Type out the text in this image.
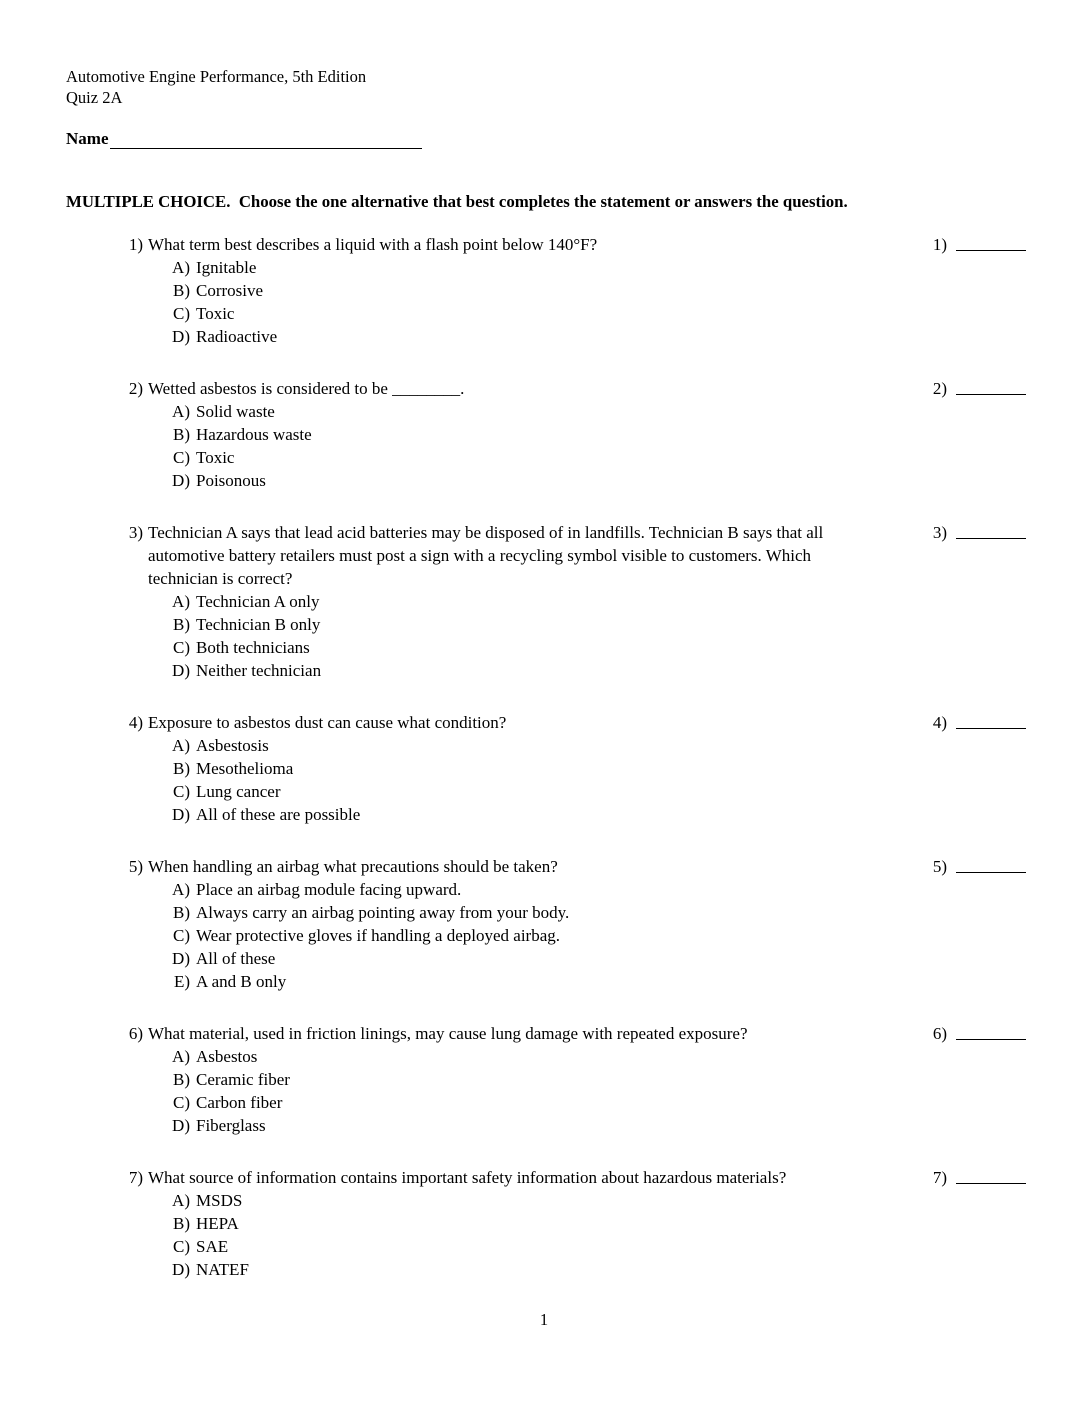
Automotive Engine Performance, 5th Edition
Quiz 2A
Name
MULTIPLE CHOICE.  Choose the one alternative that best completes the statement or answers the question.
1) What term best describes a liquid with a flash point below 140°F?
A) Ignitable
B) Corrosive
C) Toxic
D) Radioactive
1)
2) Wetted asbestos is considered to be ________.
A) Solid waste
B) Hazardous waste
C) Toxic
D) Poisonous
2)
3) Technician A says that lead acid batteries may be disposed of in landfills. Technician B says that all automotive battery retailers must post a sign with a recycling symbol visible to customers. Which technician is correct?
A) Technician A only
B) Technician B only
C) Both technicians
D) Neither technician
3)
4) Exposure to asbestos dust can cause what condition?
A) Asbestosis
B) Mesothelioma
C) Lung cancer
D) All of these are possible
4)
5) When handling an airbag what precautions should be taken?
A) Place an airbag module facing upward.
B) Always carry an airbag pointing away from your body.
C) Wear protective gloves if handling a deployed airbag.
D) All of these
E) A and B only
5)
6) What material, used in friction linings, may cause lung damage with repeated exposure?
A) Asbestos
B) Ceramic fiber
C) Carbon fiber
D) Fiberglass
6)
7) What source of information contains important safety information about hazardous materials?
A) MSDS
B) HEPA
C) SAE
D) NATEF
7)
1
